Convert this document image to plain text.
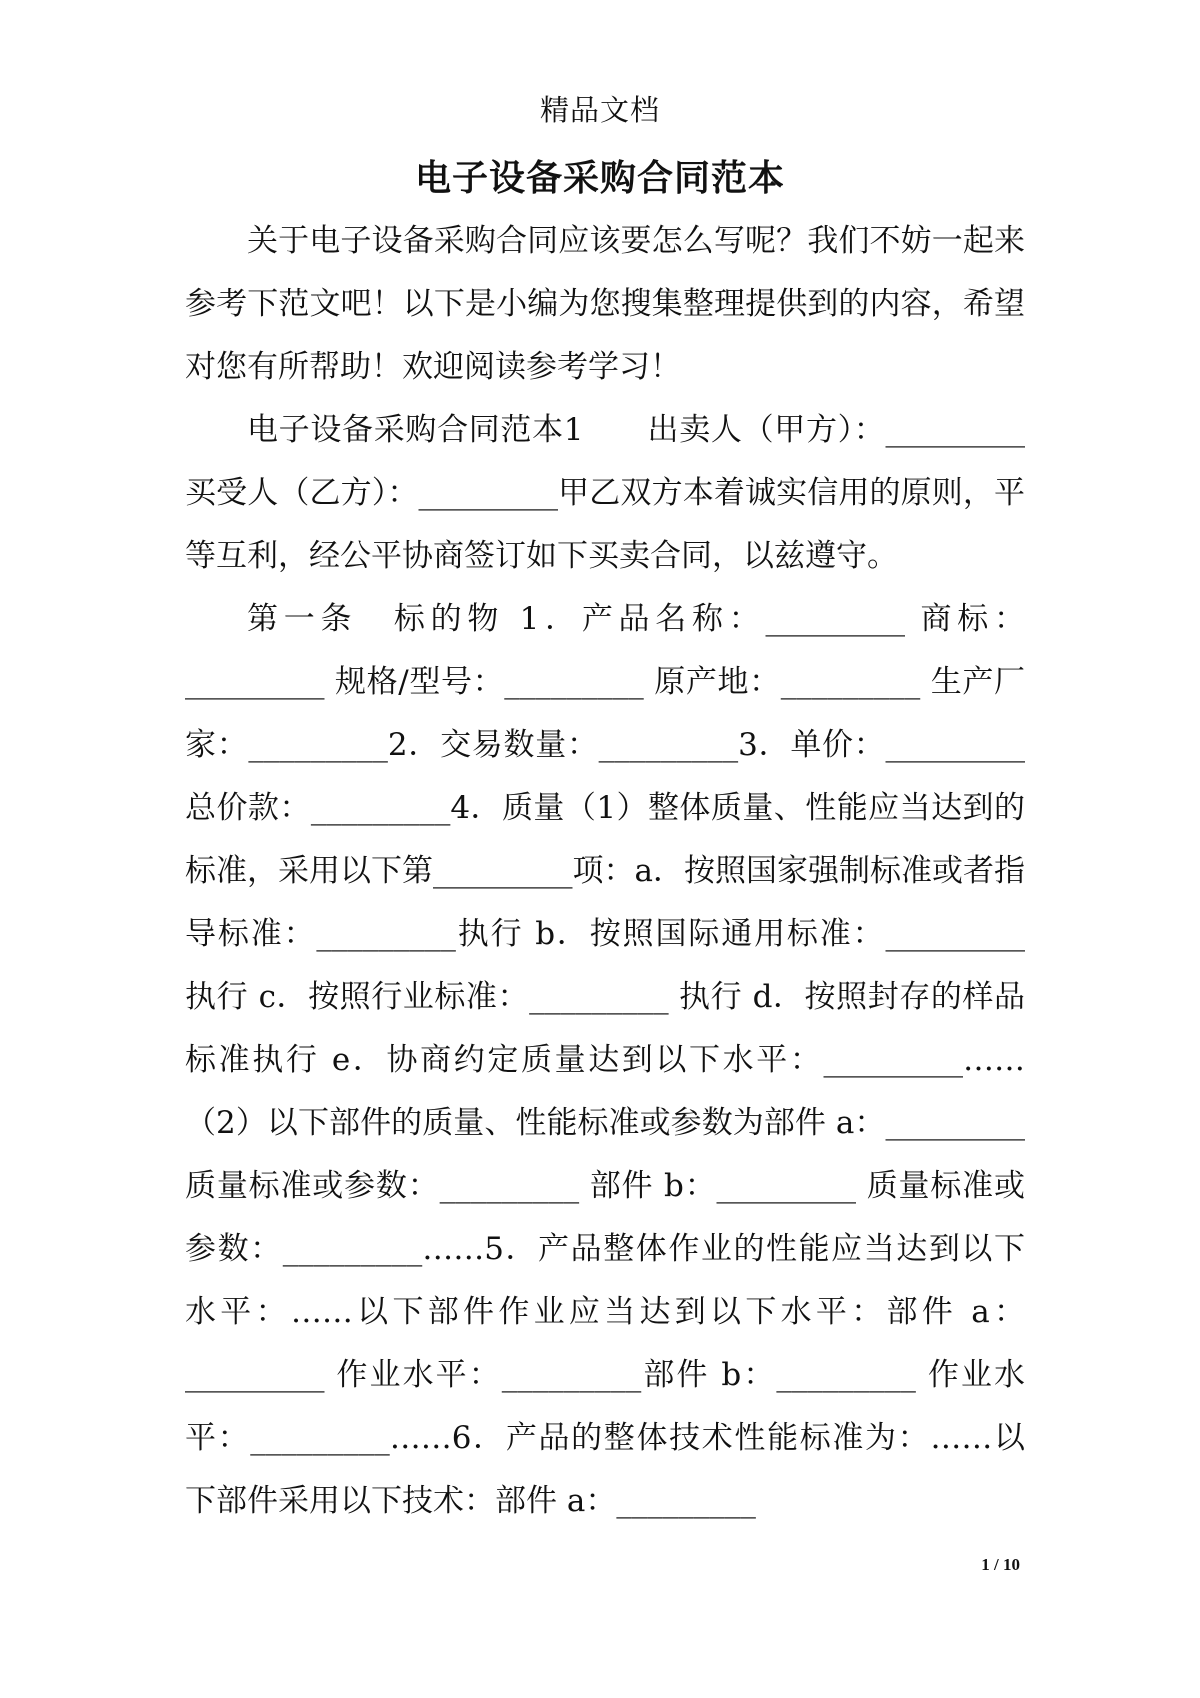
精品文档
电子设备采购合同范本

关于电子设备采购合同应该要怎么写呢？我们不妨一起来参考下范文吧！以下是小编为您搜集整理提供到的内容，希望对您有所帮助！欢迎阅读参考学习！

电子设备采购合同范本1　　出卖人（甲方）：_________买受人（乙方）：_________甲乙双方本着诚实信用的原则，平等互利，经公平协商签订如下买卖合同，以兹遵守。

第一条　标的物 1．产品名称：_________ 商标：_________ 规格/型号：_________ 原产地：_________ 生产厂家：_________2．交易数量：_________3．单价：_________ 总价款：_________4．质量（1）整体质量、性能应当达到的标准，采用以下第_________项：a．按照国家强制标准或者指导标准：_________执行 b．按照国际通用标准：_________ 执行 c．按照行业标准：_________ 执行 d．按照封存的样品标准执行 e．协商约定质量达到以下水平：_________……（2）以下部件的质量、性能标准或参数为部件 a：_________ 质量标准或参数：_________ 部件 b：_________ 质量标准或参数：_________……5．产品整体作业的性能应当达到以下水平：……以下部件作业应当达到以下水平：部件 a：_________ 作业水平：_________部件 b：_________ 作业水平：_________……6．产品的整体技术性能标准为：……以下部件采用以下技术：部件 a：_________

1 / 10
